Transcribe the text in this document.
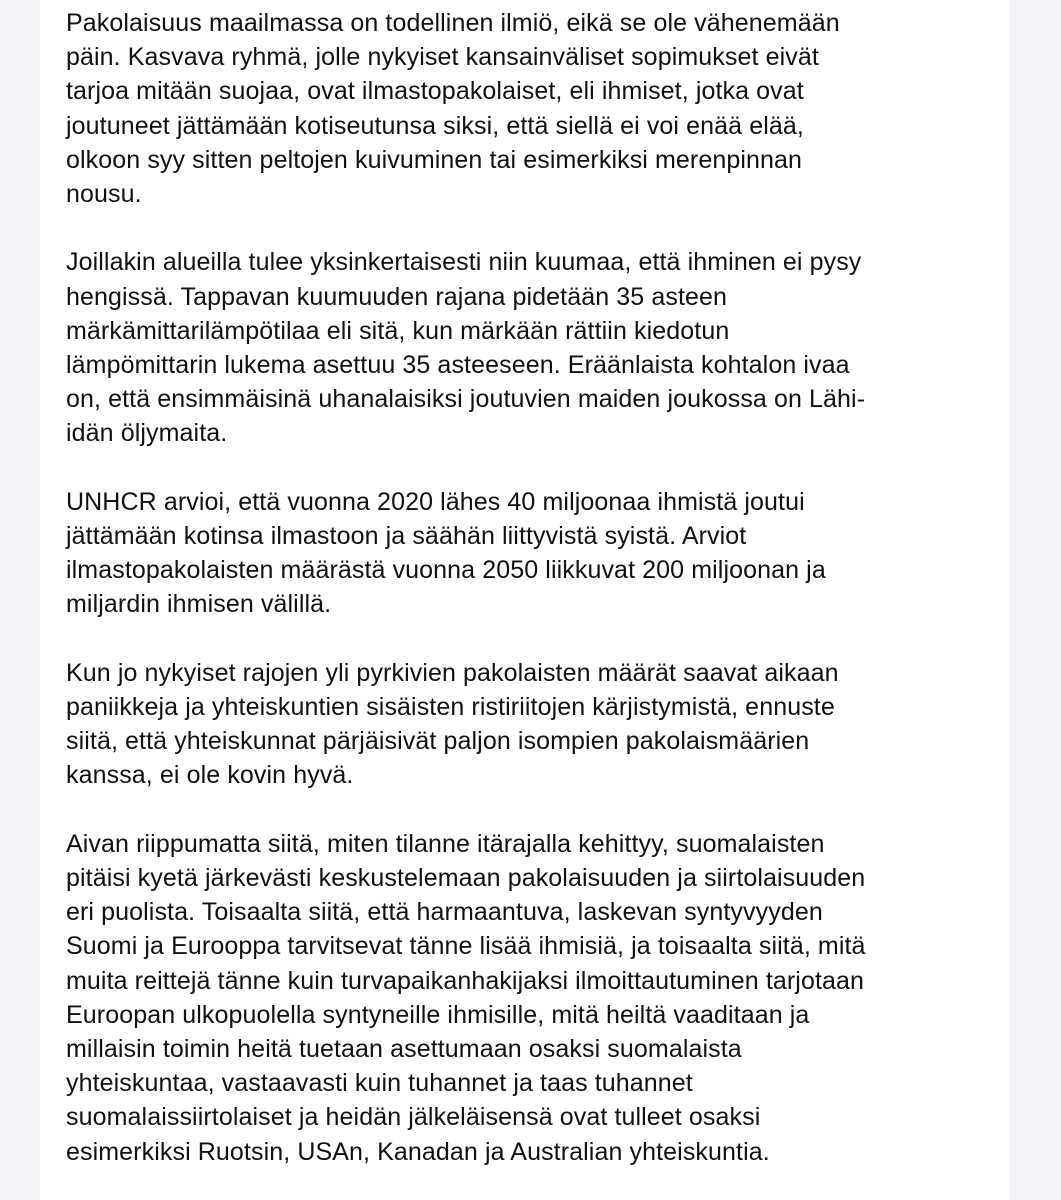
Pakolaisuus maailmassa on todellinen ilmiö, eikä se ole vähenemään
päin. Kasvava ryhmä, jolle nykyiset kansainväliset sopimukset eivät
tarjoa mitään suojaa, ovat ilmastopakolaiset, eli ihmiset, jotka ovat
joutuneet jättämään kotiseutunsa siksi, että siellä ei voi enää elää,
olkoon syy sitten peltojen kuivuminen tai esimerkiksi merenpinnan
nousu.

Joillakin alueilla tulee yksinkertaisesti niin kuumaa, että ihminen ei pysy
hengissä. Tappavan kuumuuden rajana pidetään 35 asteen
märkämittarilämpötilaa eli sitä, kun märkään rättiin kiedotun
lämpömittarin lukema asettuu 35 asteeseen. Eräänlaista kohtalon ivaa
on, että ensimmäisinä uhanalaisiksi joutuvien maiden joukossa on Lähi-
idän öljymaita.

UNHCR arvioi, että vuonna 2020 lähes 40 miljoonaa ihmistä joutui
jättämään kotinsa ilmastoon ja säähän liittyvistä syistä. Arviot
ilmastopakolaisten määrästä vuonna 2050 liikkuvat 200 miljoonan ja
miljardin ihmisen välillä.

Kun jo nykyiset rajojen yli pyrkivien pakolaisten määrät saavat aikaan
paniikkeja ja yhteiskuntien sisäisten ristiriitojen kärjistymistä, ennuste
siitä, että yhteiskunnat pärjäisivät paljon isompien pakolaismäärien
kanssa, ei ole kovin hyvä.

Aivan riippumatta siitä, miten tilanne itärajalla kehittyy, suomalaisten
pitäisi kyetä järkevästi keskustelemaan pakolaisuuden ja siirtolaisuuden
eri puolista. Toisaalta siitä, että harmaantuva, laskevan syntyvyyden
Suomi ja Eurooppa tarvitsevat tänne lisää ihmisiä, ja toisaalta siitä, mitä
muita reittejä tänne kuin turvapaikanhakijaksi ilmoittautuminen tarjotaan
Euroopan ulkopuolella syntyneille ihmisille, mitä heiltä vaaditaan ja
millaisin toimin heitä tuetaan asettumaan osaksi suomalaista
yhteiskuntaa, vastaavasti kuin tuhannet ja taas tuhannet
suomalaissiirtolaiset ja heidän jälkeläisensä ovat tulleet osaksi
esimerkiksi Ruotsin, USAn, Kanadan ja Australian yhteiskuntia.
